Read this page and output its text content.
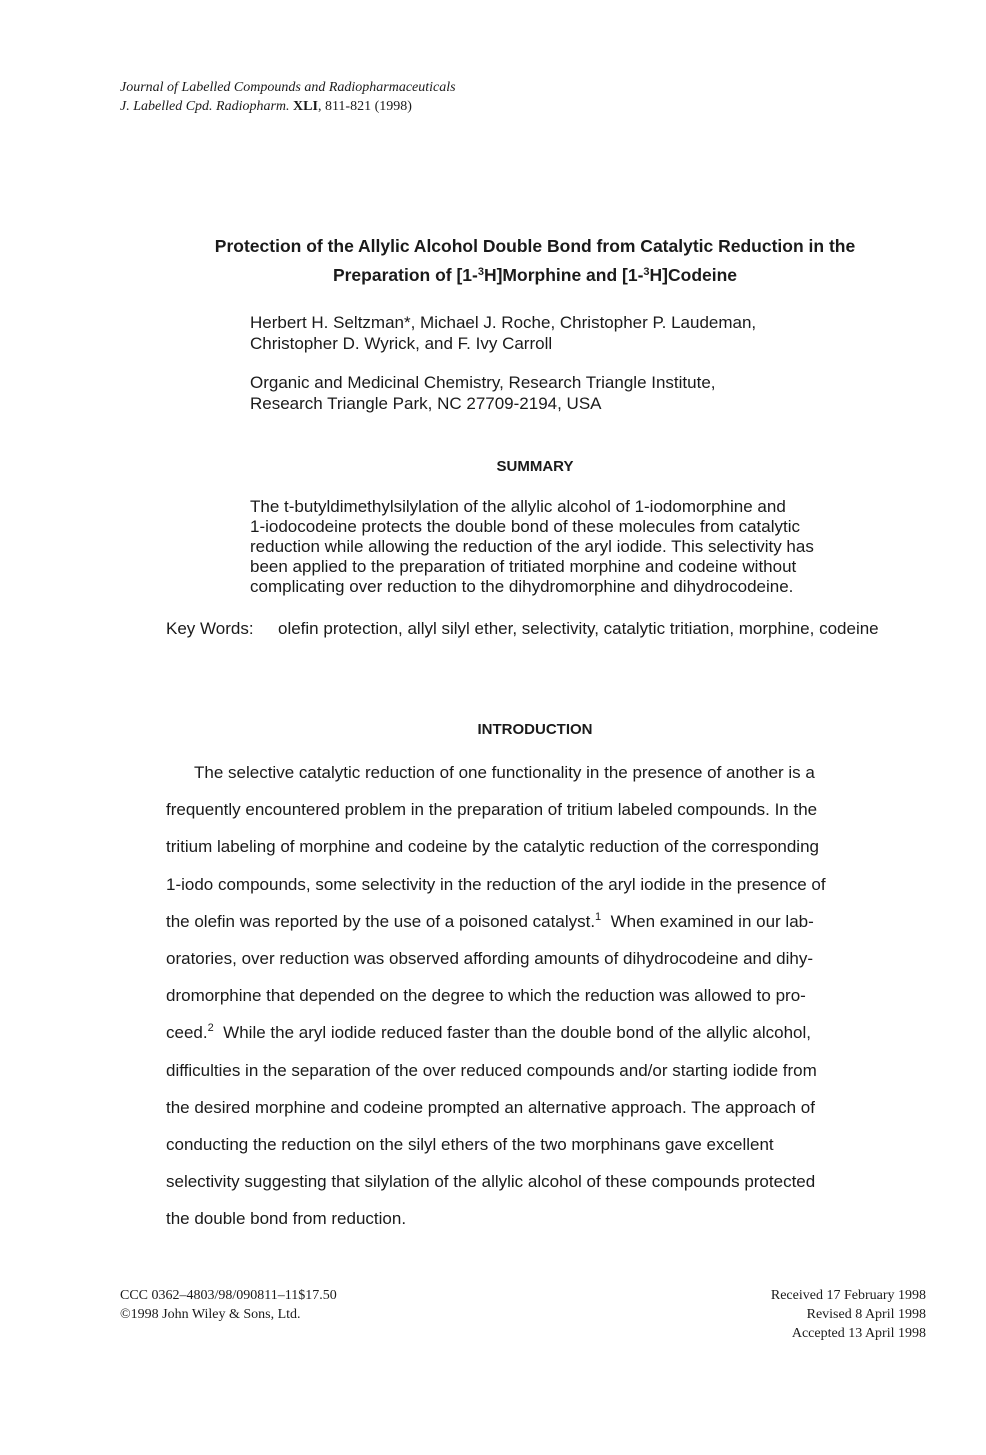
Journal of Labelled Compounds and Radiopharmaceuticals
J. Labelled Cpd. Radiopharm. XLI, 811-821 (1998)
Protection of the Allylic Alcohol Double Bond from Catalytic Reduction in the
Preparation of [1-$^3$H]Morphine and [1-$^3$H]Codeine
Herbert H. Seltzman*, Michael J. Roche, Christopher P. Laudeman,
Christopher D. Wyrick, and F. Ivy Carroll
Organic and Medicinal Chemistry, Research Triangle Institute,
Research Triangle Park, NC 27709-2194, USA
SUMMARY
The t-butyldimethylsilylation of the allylic alcohol of 1-iodomorphine and
1-iodocodeine protects the double bond of these molecules from catalytic
reduction while allowing the reduction of the aryl iodide. This selectivity has
been applied to the preparation of tritiated morphine and codeine without
complicating over reduction to the dihydromorphine and dihydrocodeine.
Key Words: olefin protection, allyl silyl ether, selectivity, catalytic tritiation, morphine, codeine
INTRODUCTION
The selective catalytic reduction of one functionality in the presence of another is a
frequently encountered problem in the preparation of tritium labeled compounds. In the
tritium labeling of morphine and codeine by the catalytic reduction of the corresponding
1-iodo compounds, some selectivity in the reduction of the aryl iodide in the presence of
the olefin was reported by the use of a poisoned catalyst.$^1$  When examined in our lab-
oratories, over reduction was observed affording amounts of dihydrocodeine and dihy-
dromorphine that depended on the degree to which the reduction was allowed to pro-
ceed.$^2$  While the aryl iodide reduced faster than the double bond of the allylic alcohol,
difficulties in the separation of the over reduced compounds and/or starting iodide from
the desired morphine and codeine prompted an alternative approach. The approach of
conducting the reduction on the silyl ethers of the two morphinans gave excellent
selectivity suggesting that silylation of the allylic alcohol of these compounds protected
the double bond from reduction.
CCC 0362–4803/98/090811–11$17.50
©1998 John Wiley & Sons, Ltd.
Received 17 February 1998
Revised 8 April 1998
Accepted 13 April 1998
